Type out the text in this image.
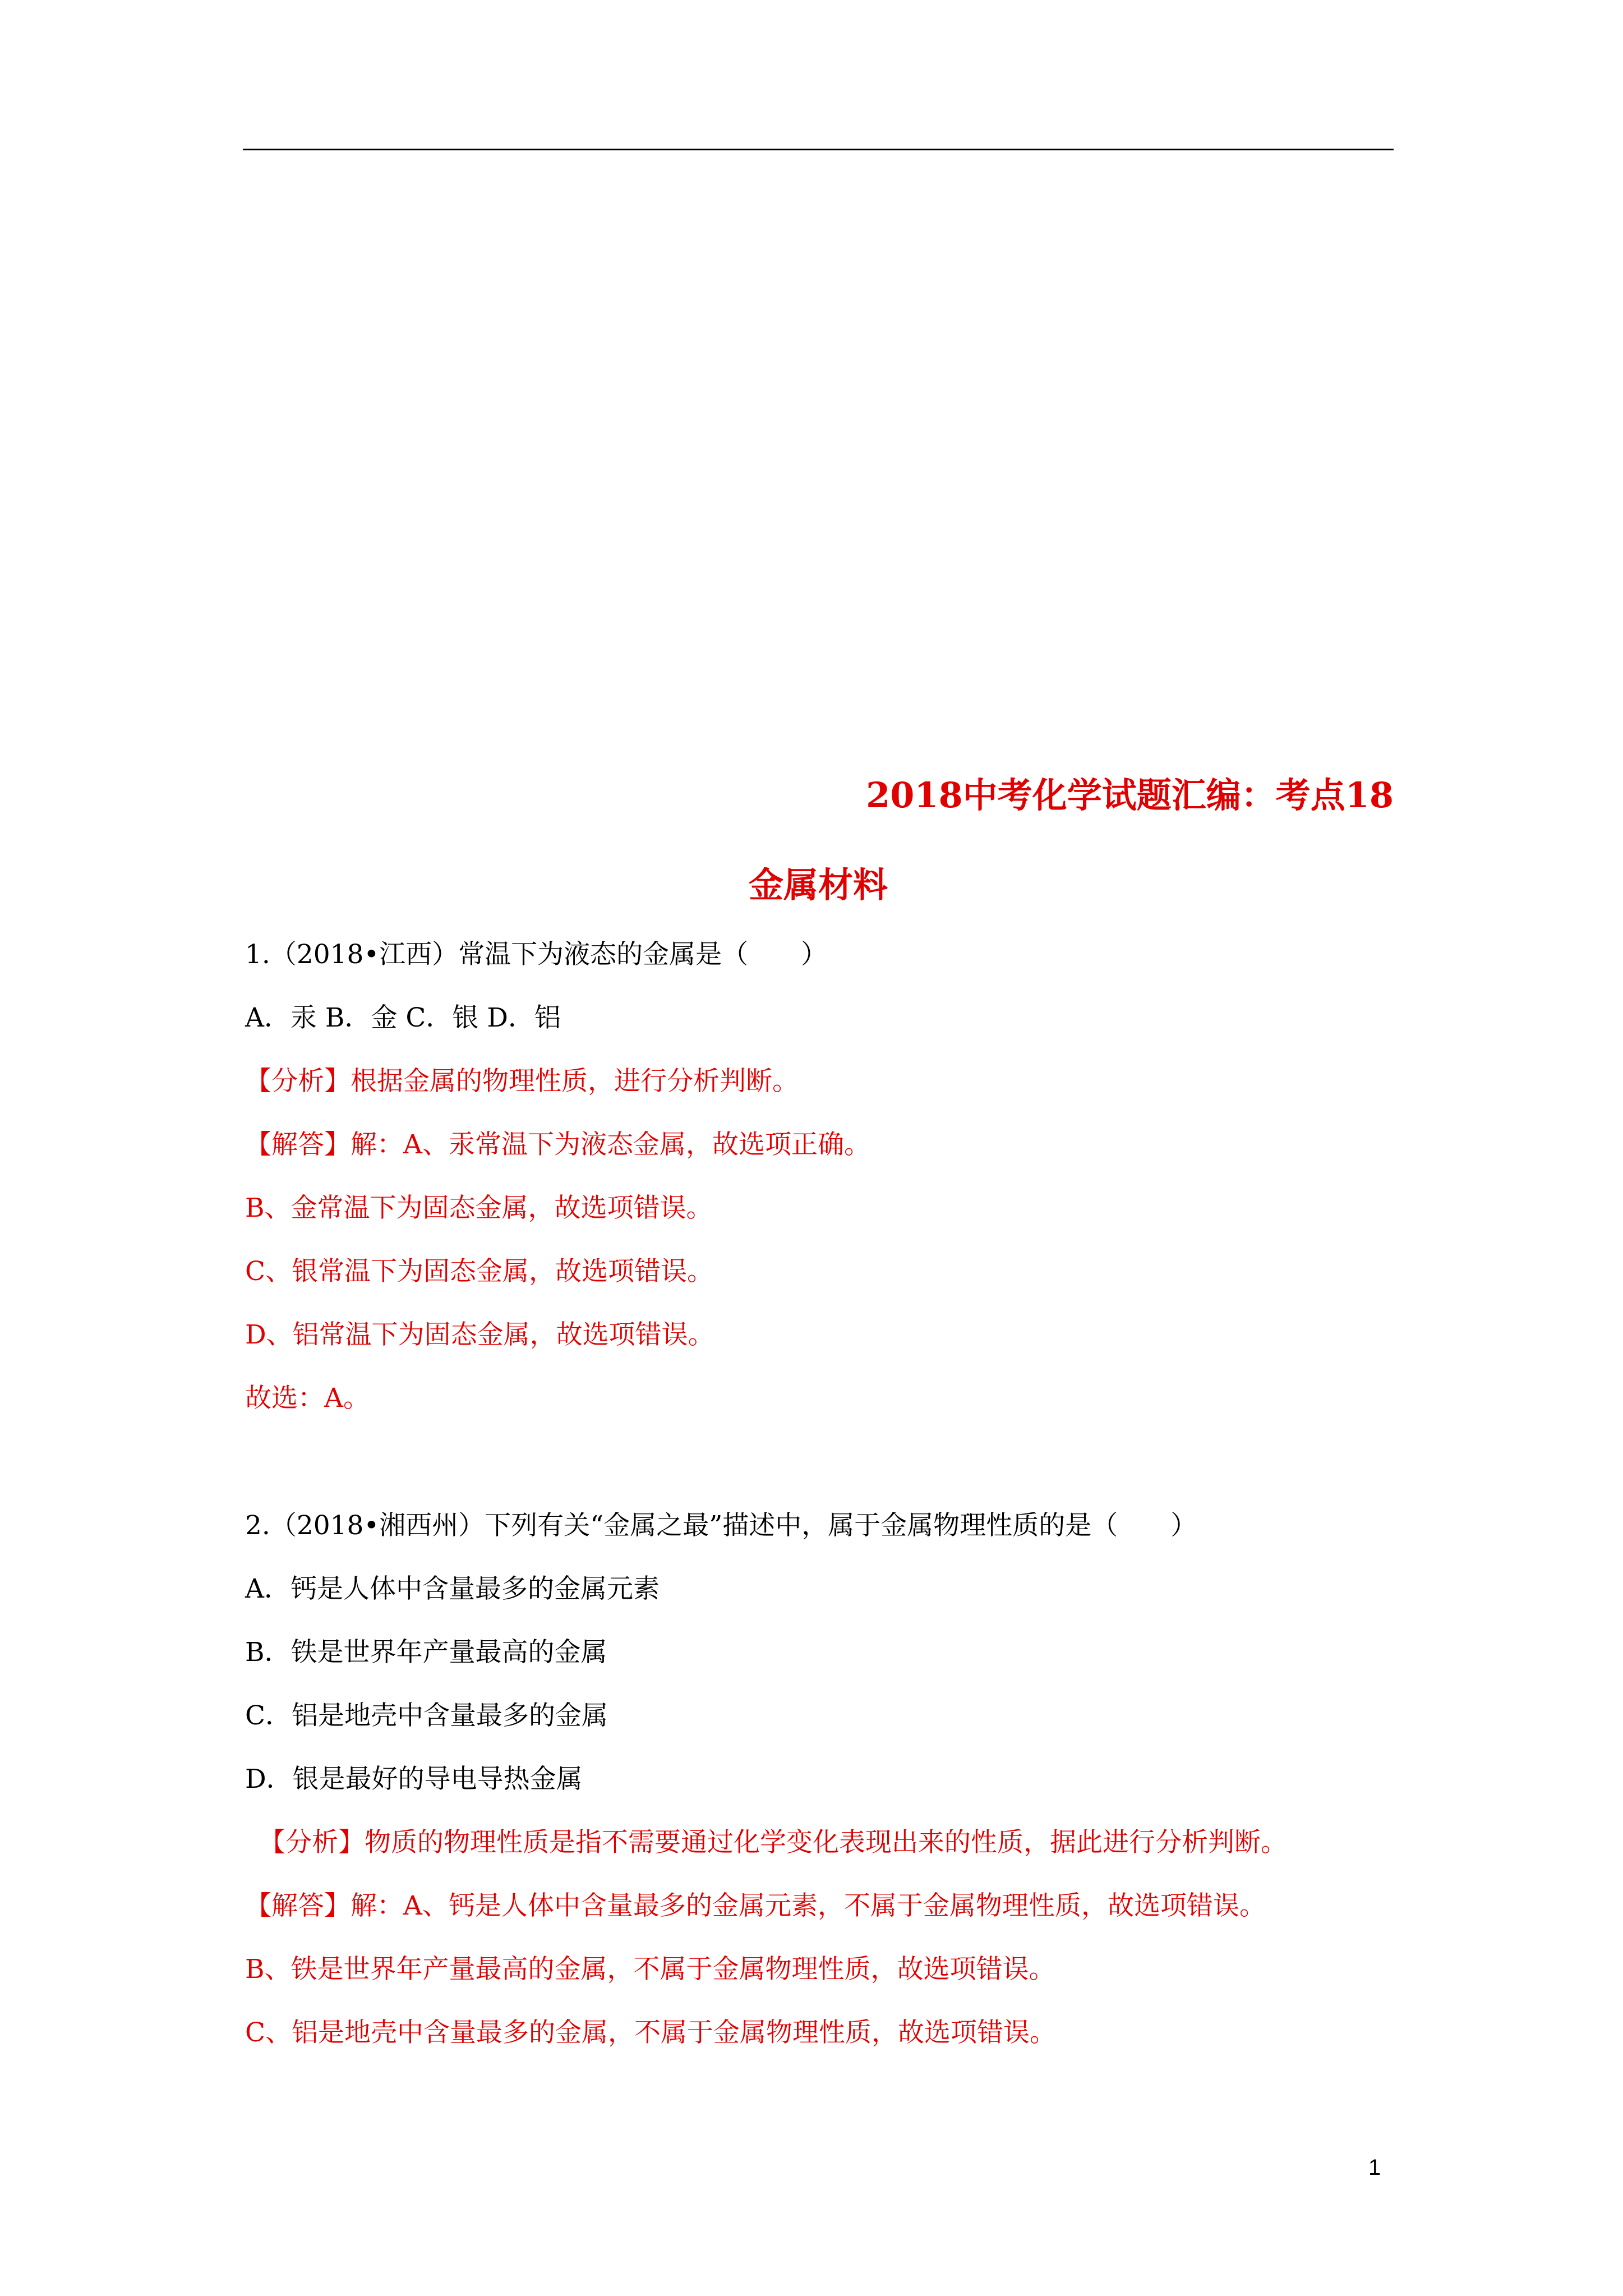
2018中考化学试题汇编：考点18
金属材料
1.（2018•江西）常温下为液态的金属是（　　）
A．汞 B．金 C．银 D．铝
【分析】根据金属的物理性质，进行分析判断。
【解答】解：A、汞常温下为液态金属，故选项正确。
B、金常温下为固态金属，故选项错误。
C、银常温下为固态金属，故选项错误。
D、铝常温下为固态金属，故选项错误。
故选：A。
2.（2018•湘西州）下列有关“金属之最”描述中，属于金属物理性质的是（　　）
A．钙是人体中含量最多的金属元素
B．铁是世界年产量最高的金属
C．铝是地壳中含量最多的金属
D．银是最好的导电导热金属
【分析】物质的物理性质是指不需要通过化学变化表现出来的性质，据此进行分析判断。
【解答】解：A、钙是人体中含量最多的金属元素，不属于金属物理性质，故选项错误。
B、铁是世界年产量最高的金属，不属于金属物理性质，故选项错误。
C、铝是地壳中含量最多的金属，不属于金属物理性质，故选项错误。
1
